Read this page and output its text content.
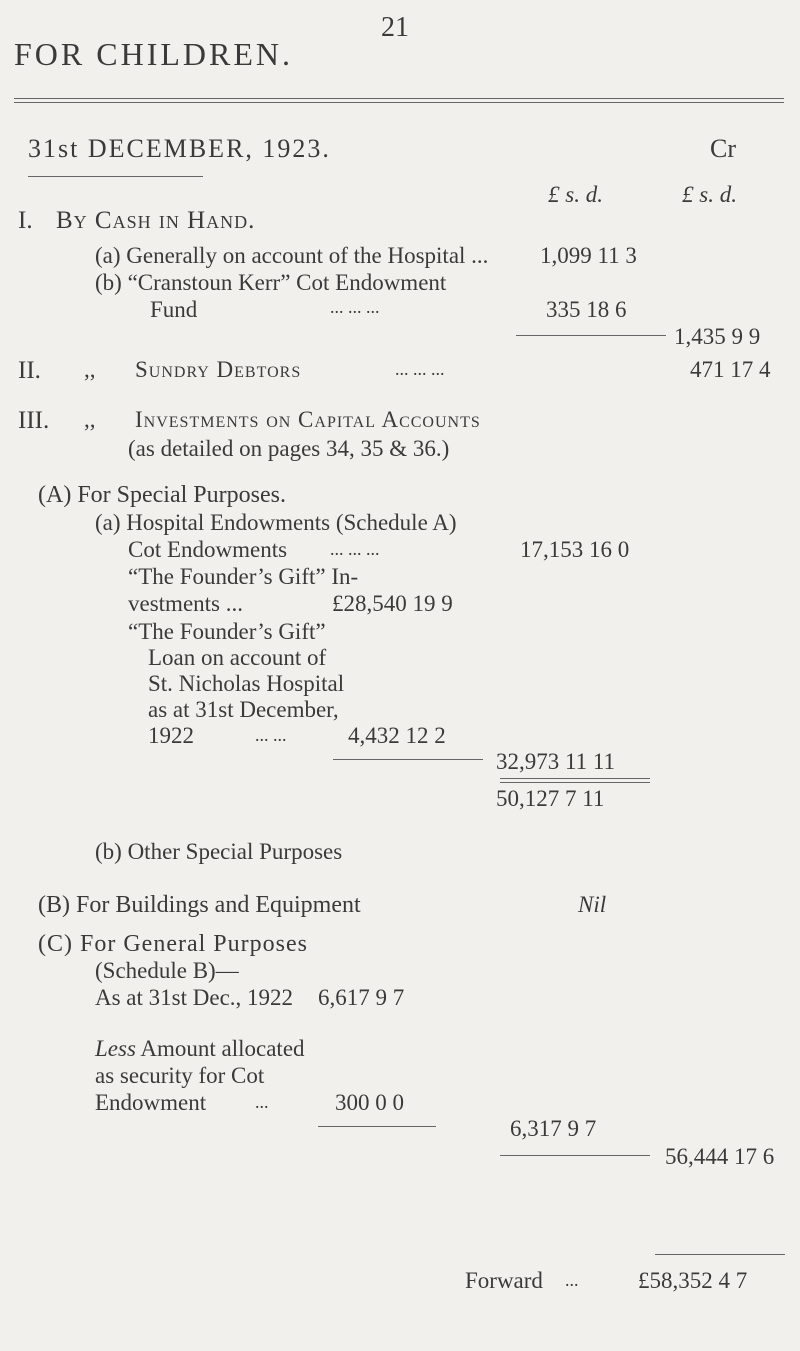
21
FOR CHILDREN.
31st DECEMBER, 1923.	Cr
£ s. d.	£ s. d.
I. By Cash in Hand.
(a) Generally on account of the Hospital ... 1,099 11 3
(b) “Cranstoun Kerr” Cot Endowment
Fund	... ... ...	335 18 6
1,435 9 9
II. ,, Sundry Debtors	... ... ...	471 17 4
III. ,, Investments on Capital Accounts
(as detailed on pages 34, 35 & 36.)
(A) For Special Purposes.
(a) Hospital Endowments (Schedule A)
Cot Endowments ... ... ...	17,153 16 0
“The Founder’s Gift” In-
vestments ...	£28,540 19 9
“The Founder’s Gift”
Loan on account of
St. Nicholas Hospital
as at 31st December,
1922	... ...	4,432 12 2
32,973 11 11
50,127 7 11
(b) Other Special Purposes
(B) For Buildings and Equipment	Nil
(C) For General Purposes
(Schedule B)—
As at 31st Dec., 1922 6,617 9 7
Less Amount allocated
as security for Cot
Endowment	...	300 0 0
6,317 9 7
56,444 17 6
Forward ...	£58,352 4 7
